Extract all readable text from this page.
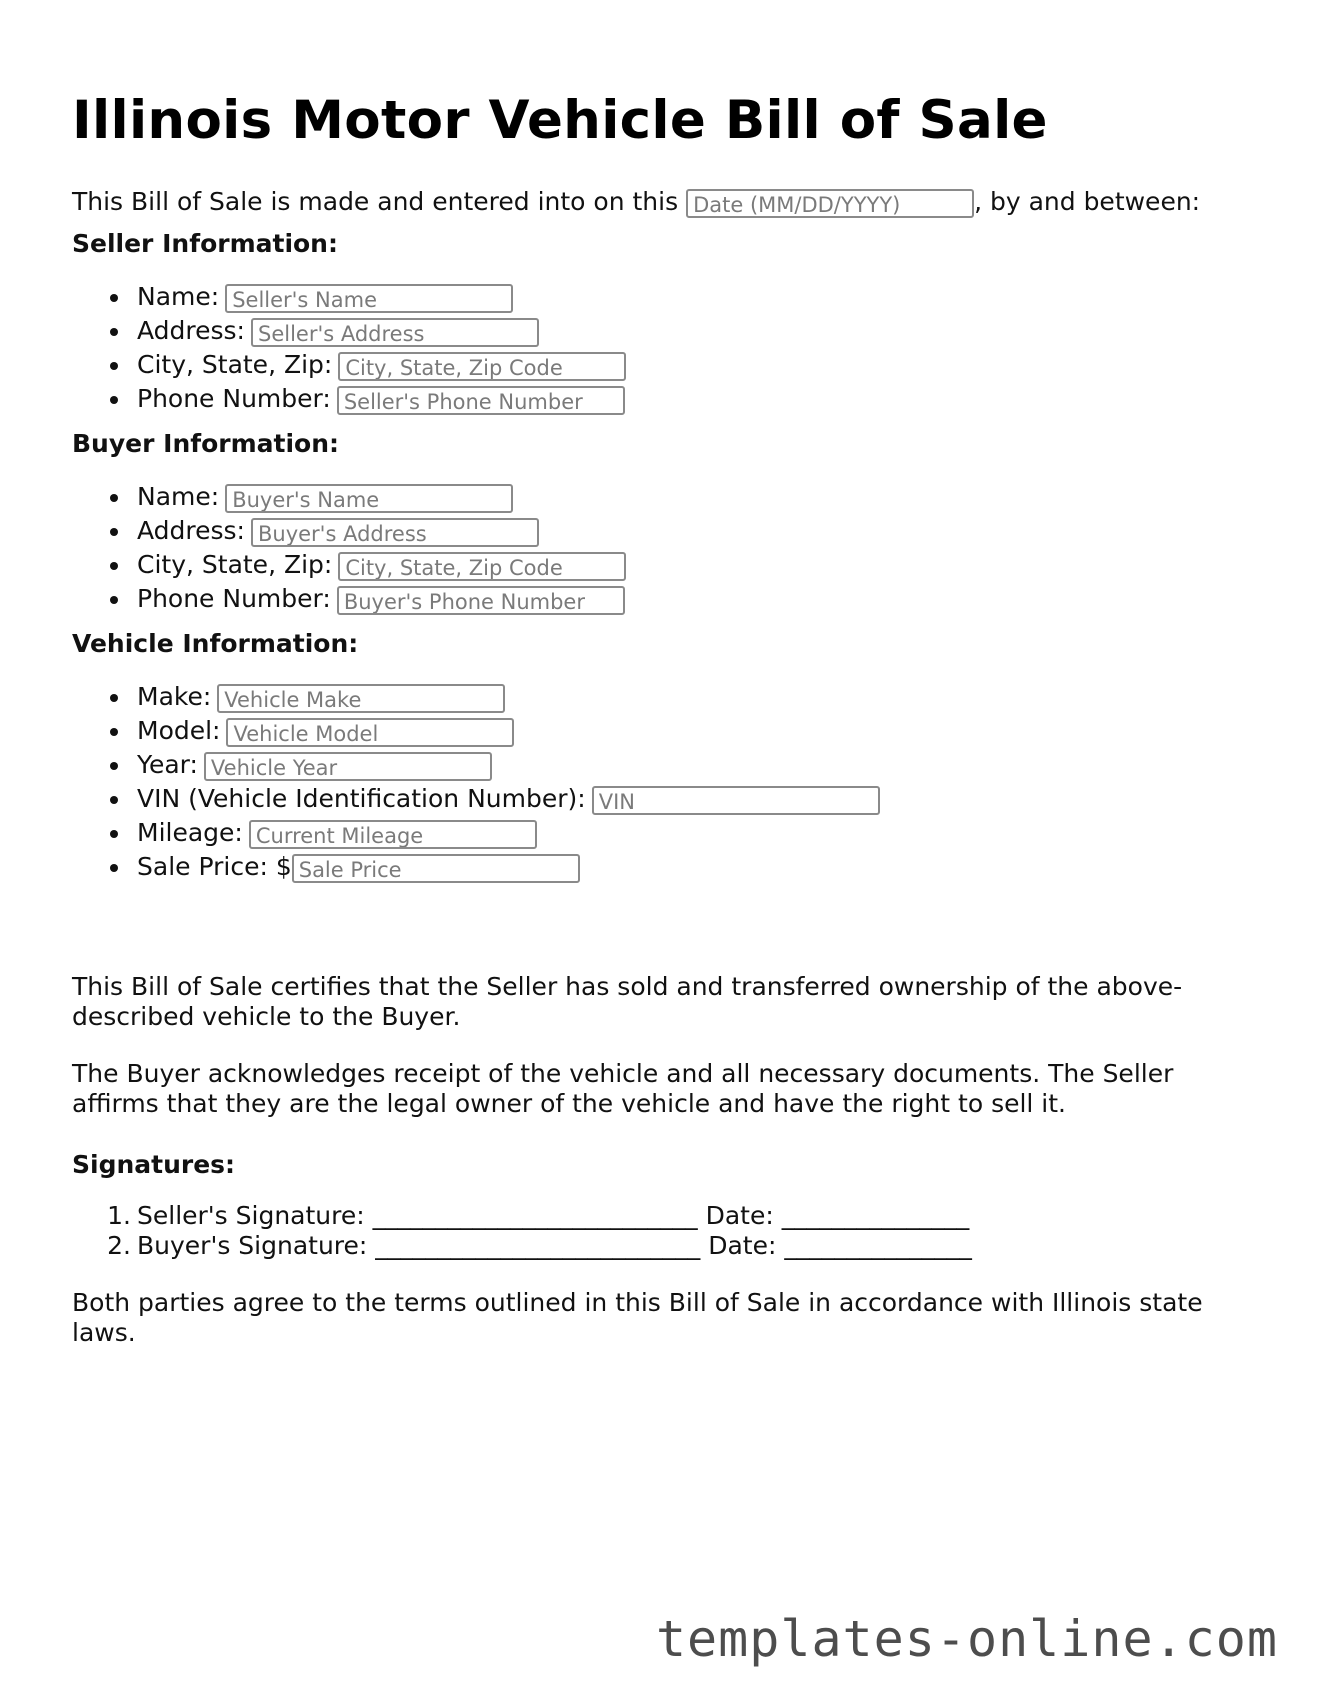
Illinois Motor Vehicle Bill of Sale
This Bill of Sale is made and entered into on this Date (MM/DD/YYYY)	, by and between:
Seller Information:
Name: Seller's Name
Address: Seller's Address
City, State, Zip: City, State, Zip Code
Phone Number: Seller's Phone Number
Buyer Information:
Name: Buyer's Name
Address: Buyer's Address
City, State, Zip: City, State, Zip Code
Phone Number: Buyer's Phone Number
Vehicle Information:
Make: Vehicle Make
Model: Vehicle Model
Year: Vehicle Year
VIN (Vehicle Identification Number): VIN
Mileage: Current Mileage
Sale Price: $ Sale Price
This Bill of Sale certifies that the Seller has sold and transferred ownership of the above-described vehicle to the Buyer.
The Buyer acknowledges receipt of the vehicle and all necessary documents. The Seller affirms that they are the legal owner of the vehicle and have the right to sell it.
Signatures:
1. Seller's Signature: __________________________ Date: _______________
2. Buyer's Signature: __________________________ Date: _______________
Both parties agree to the terms outlined in this Bill of Sale in accordance with Illinois state laws.
templates-online.com
